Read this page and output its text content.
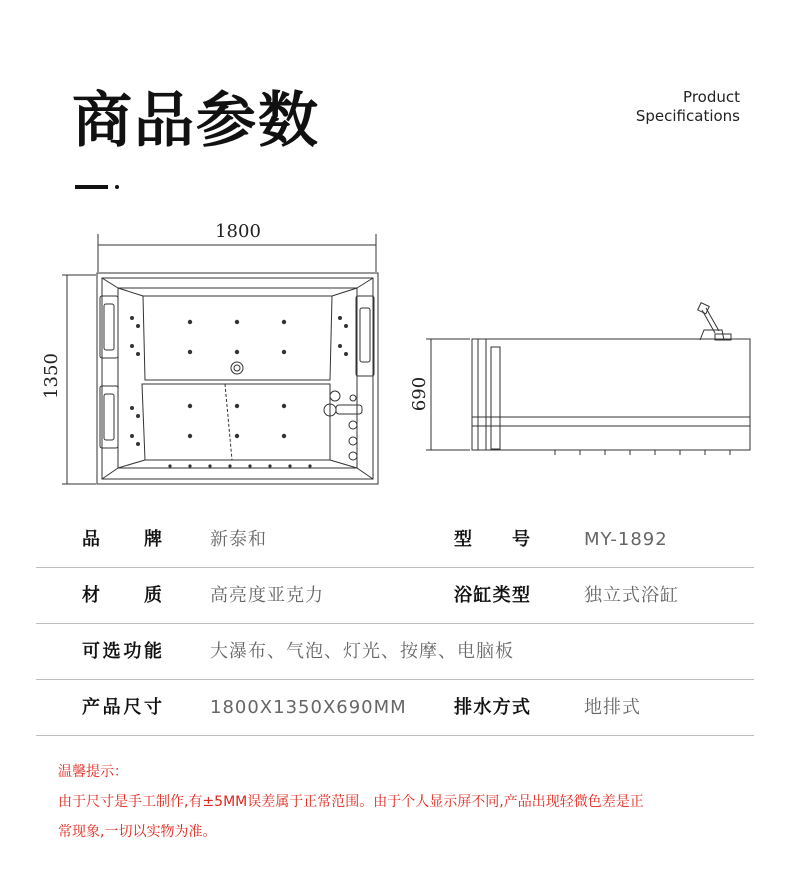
商品参数	Product
Specifications
1800
1350	690
品牌	新泰和	型号	MY-1892
材质	高亮度亚克力	浴缸类型	独立式浴缸
可选功能	大瀑布、气泡、灯光、按摩、电脑板
产品尺寸	1800X1350X690MM	排水方式	地排式
温馨提示：
由于尺寸是手工制作,有±5MM误差属于正常范围。由于个人显示屏不同,产品出现轻微色差是正
常现象,一切以实物为准。
